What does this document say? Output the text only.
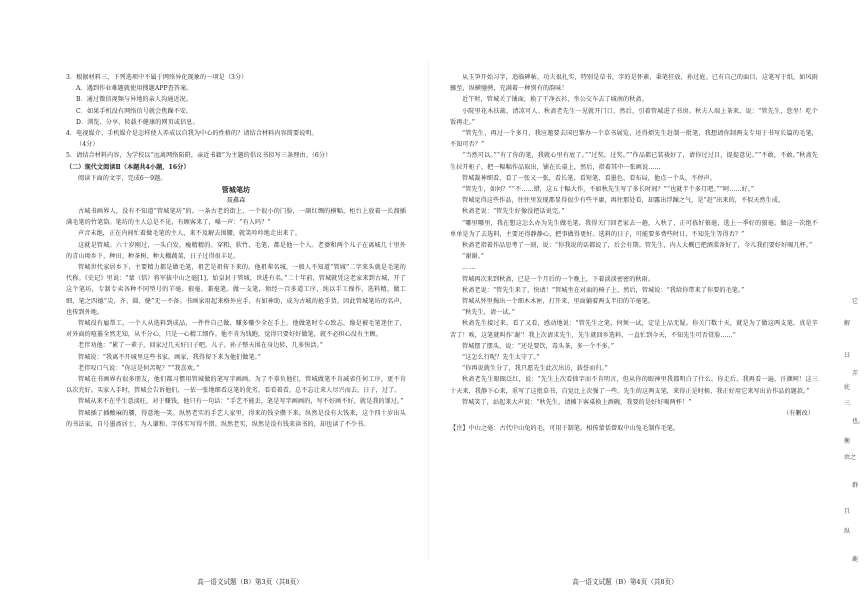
3．根据材料三，下列选项中不属于网络异化现象的一项是（3分）
A．遇到作业难题就使用搜题APP查答案。
B．通过微信视频与异地的亲人沟通近况。
C．如果手机没有网络信号就会焦躁不安。
D．浏览、分享、转载不健康的网页或信息。
4．电视媒介、手机媒介是怎样使人养成以自我为中心的性格的？请结合材料内容简要说明。
（4分）
5．请结合材料内容，为学校以“远离网络陷阱，亲近书籍”为主题的倡议书拟写三条理由。（6分）
（二）现代文阅读Ⅱ（本题共4小题，16分）
阅读下面的文字，完成6～9题。
管城笔坊
聂鑫森
古城书画界人，没有不知道“管城笔坊”的。一条古老的街上，一个很小的门脸，一副红绸的横幅，柜台上放着一长溜插满毛笔的竹笔筒。笔坊的主人总是不见，有顾客来了，嗓一声：“有人吗？”
声音未绝，正在内间忙着做毛笔的主人，来不及解去围腰，就笑吟吟地走出来了。
这就是管城。六十岁刚过，一头白发，瘦精精的。穿粗、软竹、毛笔，都是他一个人。老婆和两个儿子在离城几十里外的青山坳乡下，种田、种茶树、种大棚蔬菜，日子过得很丰足。
管城世代家居乡下，主要精力都是做毛笔，祖艺是祖传下来的。他祖辈名城，一般人不知道“管城”二字来头就是毛笔的代称。《史记》里说：“蒙（恬）将军拔中山之毫[1]，始皇封于管城，世进有名。”二十年前，管城就凭这老家来到古城，开了这个笔坊，专制专卖各种不同型号的羊毫、狼毫、兼毫笔。做一支笔，须经一百多道工序，纯以手工操作，选料精，做工细，笔之四德“尖、齐、圆、健”无一不备。书画家用起来格外应手，有如神助，成为古城的抢手货。因此管城笔坊的名声，也传到外地。
管城没有雇帮工，一个人从选料到成品，一件件自己做，赚多赚少全在手上。他做笔时专心致志，像是被毛笔迷住了，对外面的喧嚣全然无知，从不分心，只是一心精工细作。他不肯为钱跑，觉得只要好好做笔，就不必担心没有主顾。
老伴劝他：“累了一辈子，回家过几天好日子吧。儿子、孙子整天围在身边转，几多快活。”
管城说：“我离不开城里这些书家、画家，我得留下来为他们做笔。”
老伴叹口气说：“你这是何苦呢？”“我喜欢。”
管城在书画界有很多朋友，他们都习惯用管城做的笔写字画画。为了不辜负他们，管城做笔不肯减省任何工序，更不肯以次充好。买家入手时，管城会告诉他们，一依一张地细看这笔的优劣，看看着看，总不忘让来人尽兴而去。日子，过了。
管城从来不在乎生意淡旺，对于赚钱，他只有一句话：“手艺不能丢，笔是写字画画的，写不好画不好，就是我的罪过。”
管城插了插酸麻的腰，得意地一笑。纵然老实的手艺人家里，得来的钱全攒下来，纵然是没有大钱来，这个四十岁出头的书法家，自号墨斋居士，为人谦和，字体实写得不错。纵然老实，纵然是没有钱来读书的，却也读了不少书。
高一语文试题（B）第3页（共8页）
从玉笋开始习字，追临碑帖，功夫很扎实，特别是草书，字的是怀素，秉笔狂放，孙过庭。已有自己的面目，这笔写于纸，如风雨骤至，纵横驰骋，充满着一种别有的韵味！
近午时，管城关了铺面，换了干净衣衫，坐公交车去了城南的秋斋。
小院里花木扶疏，清凉可人。秋斋老先生一见就开门口，然后，引着管城进了书房。秋夫人端上茶来，说：“管先生，您坐！吃个饭再走。”
“管先生，再过一个多月，我应邀要去国巴黎办一个草书展览，还得烦先生赶制一批笔，我想请你制两支专用于书写长篇的毛笔，不知可否？”
“当然可以。”“有了你的笔，我就心里有底了。”“过奖，过奖。”“作品都已装裱好了，请你过过目，提提意见。”“不敢，不敢。”秋斋先生拉开柜子，把一幅幅作品取出，铺在长桌上，然后，指着其中一张画说……
管城凝神细看，看了一张又一张，看长笔、看短笔、看墨色、看布局，他点一个头，不停声。
“管先生，如何？”“不……错，这五十幅大作，不如秋先生写了多长时间？”“也就半个多月吧。”“呵……好。”
管城觉得这些作品，往往里发现都显得很少有些平庸，再往那处看，却露出浮躁之气，是“赶”出来的，不似天然生成。
秋斋老说：“管先生好像没把话说完。”
“哪里哪里，我在想这怎么办为先生做毛笔。我得关门回老家去一趟，入秋了，正可拣好狼毫，选上一季好的狼毫。做这一次绝不单单是为了去选料，主要还得静静心，把事做得更好。选料的日子，可能要多费些时日，不知先生等得否？”
秋斋老指着作品思考了一刻，说：“你我说的话都说了，后会有期。管先生，内人大概已把酒菜备好了，今儿我们要好好喝几杯。”
“谢谢。”
……
管城再次来到秋斋，已是一个月后的一个晚上，下着淡淡密密的秋雨。
秋斋老说：“管先生来了，快请！”管城坐在对面的椅子上，然后，管城说：“我给你带来了你要的毛笔。”
管城从怀里掏出一个细木木匣，打开来，里面躺着两支半旧的羊毫笔。
“秋先生，请一试。”
秋斋先生接过来，看了又看，感动地说：“管先生之笔，何须一试，定是上品无疑。你关门数十天，就是为了做这两支笔，真是辛苦了！唉，这笔就叫作‘谢’！我上次请求先生，先生就回乡选料，一直忙到今天，不知先生可否赏脸……”
管城摆了摆头，说：“还是要饮，毒头茶，多一个不多。”
“这怎么行呢？先生太守了。”
“你再说就生分了，我只愿先生此次出访，载誉而归。”
秋斋老先生眼圈泛红，说：“先生上次看拙字而不肯明言，但从你的眼神里我都明白了什么。你走后，我再看一遍，汗颜呵！这三十天来，我静下心来，重写了这批草书，自觉比上次强了一些。先生的这两支笔，来得正是时候，我正好用它来写出访作品的题款。”
管城笑了，站起来大声说：“秋先生，请摊下客桌换上酒碗，我要的是好好喝两杯！”
（有删改）
【注】中山之毫：古代中山兔的毛，可用于制笔。相传蒙恬曾取中山兔毛制作毛笔。
高一语文试题（B）第4页（共8页）
它
解
曰
弄
庇
三
也。
衡
由之
群
且
纵
鹿
